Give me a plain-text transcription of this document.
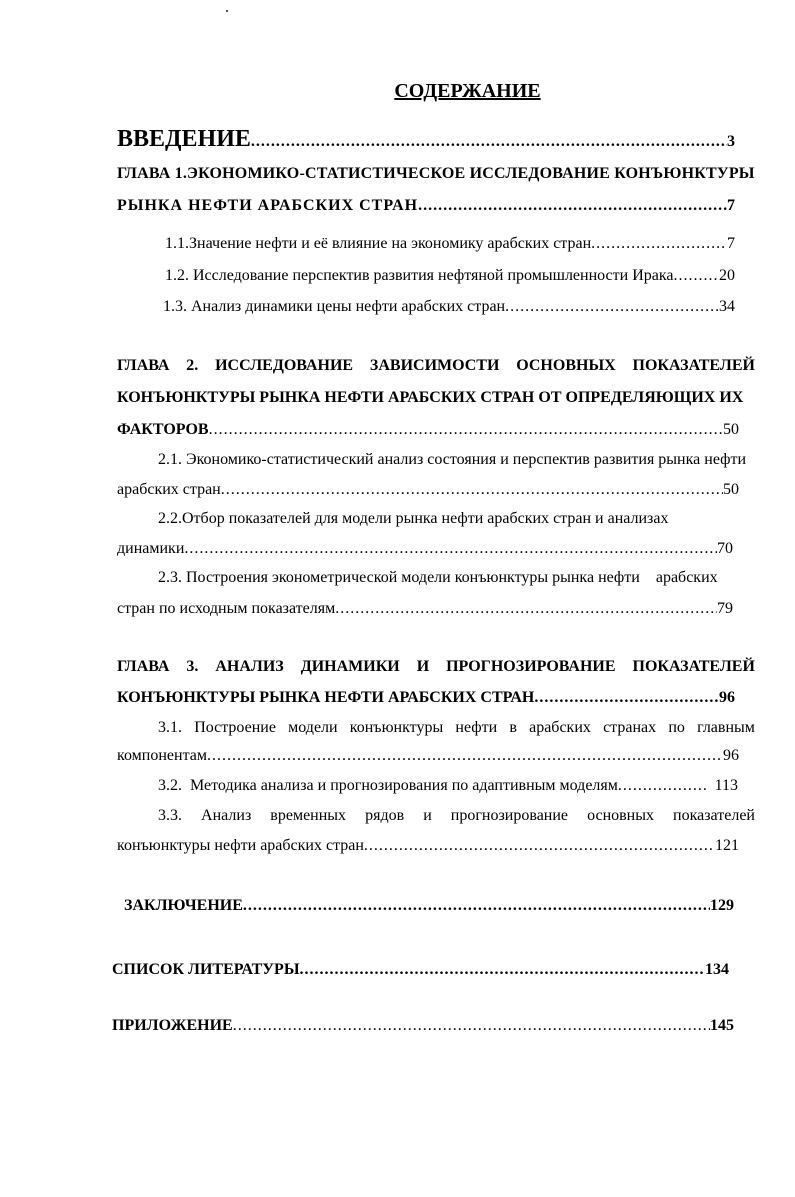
СОДЕРЖАНИЕ
ВВЕДЕНИЕ .....	3
ГЛАВА 1.ЭКОНОМИКО-СТАТИСТИЧЕСКОЕ ИССЛЕДОВАНИЕ КОНЪЮНКТУРЫ
РЫНКА НЕФТИ АРАБСКИХ СТРАН .....	7
1.1.Значение нефти и её влияние на экономику арабских стран .....	7
1.2. Исследование перспектив развития нефтяной промышленности Ирака .....	20
1.3. Анализ динамики цены нефти арабских стран .....	34
ГЛАВА 2. ИССЛЕДОВАНИЕ ЗАВИСИМОСТИ ОСНОВНЫХ ПОКАЗАТЕЛЕЙ
КОНЪЮНКТУРЫ РЫНКА НЕФТИ АРАБСКИХ СТРАН ОТ ОПРЕДЕЛЯЮЩИХ ИХ
ФАКТОРОВ .....	50
2.1. Экономико-статистический анализ состояния и перспектив развития рынка нефти
арабских стран .....	50
2.2.Отбор показателей для модели рынка нефти арабских стран и анализах
динамики .....	70
2.3. Построения эконометрической модели конъюнктуры рынка нефти    арабских
стран по исходным показателям .....	79
ГЛАВА 3. АНАЛИЗ ДИНАМИКИ И ПРОГНОЗИРОВАНИЕ ПОКАЗАТЕЛЕЙ
КОНЪЮНКТУРЫ РЫНКА НЕФТИ АРАБСКИХ СТРАН .....	96
3.1. Построение модели конъюнктуры нефти в арабских странах по главным
компонентам .....	96
3.2.  Методика анализа и прогнозирования по адаптивным моделям .....	113
3.3. Анализ временных рядов и прогнозирование основных показателей
конъюнктуры нефти арабских стран .....	121
ЗАКЛЮЧЕНИЕ .....	129
СПИСОК ЛИТЕРАТУРЫ .....	134
ПРИЛОЖЕНИЕ .....	145
